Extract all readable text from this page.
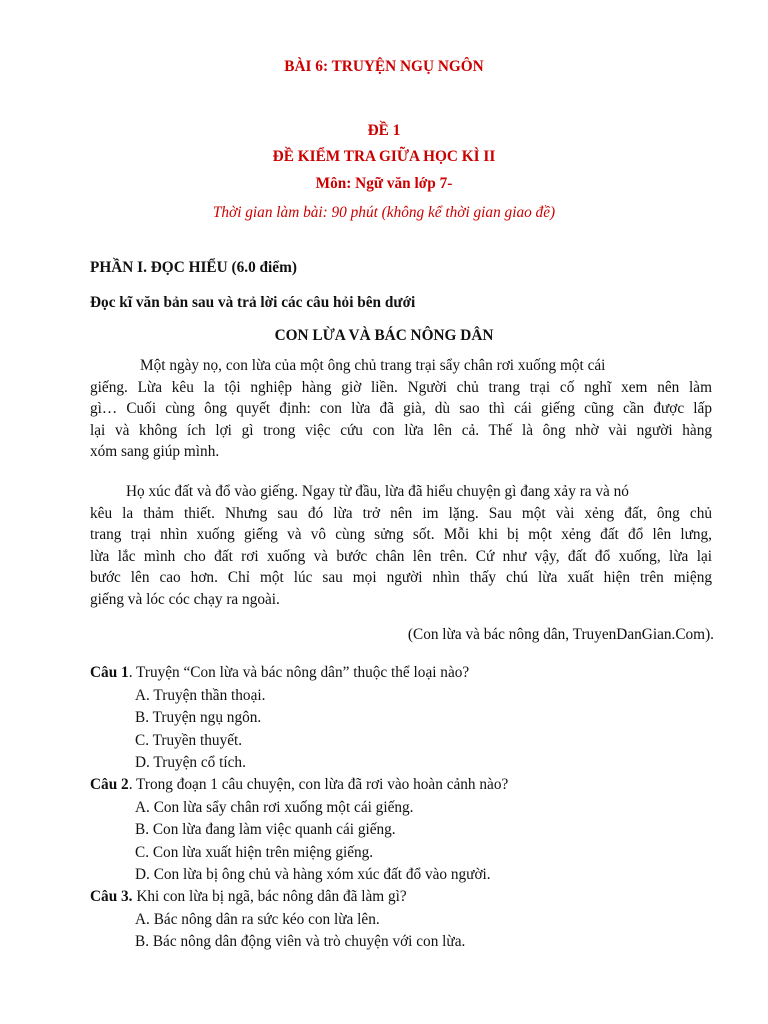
BÀI 6: TRUYỆN NGỤ NGÔN
ĐỀ 1
ĐỀ KIỂM TRA GIỮA HỌC KÌ II
Môn: Ngữ văn lớp 7-
Thời gian làm bài: 90 phút (không kể thời gian giao đề)
PHẦN I. ĐỌC HIỂU (6.0 điểm)
Đọc kĩ văn bản sau và trả lời các câu hỏi bên dưới
CON LỪA VÀ BÁC NÔNG DÂN
Một ngày nọ, con lừa của một ông chủ trang trại sẩy chân rơi xuống một cái
giếng. Lừa kêu la tội nghiệp hàng giờ liền. Người chủ trang trại cố nghĩ xem nên làm
gì… Cuối cùng ông quyết định: con lừa đã già, dù sao thì cái giếng cũng cần được lấp
lại và không ích lợi gì trong việc cứu con lừa lên cả. Thế là ông nhờ vài người hàng
xóm sang giúp mình.
Họ xúc đất và đổ vào giếng. Ngay từ đầu, lừa đã hiểu chuyện gì đang xảy ra và nó
kêu la thảm thiết. Nhưng sau đó lừa trở nên im lặng. Sau một vài xẻng đất, ông chủ
trang trại nhìn xuống giếng và vô cùng sửng sốt. Mỗi khi bị một xẻng đất đổ lên lưng,
lừa lắc mình cho đất rơi xuống và bước chân lên trên. Cứ như vậy, đất đổ xuống, lừa lại
bước lên cao hơn. Chỉ một lúc sau mọi người nhìn thấy chú lừa xuất hiện trên miệng
giếng và lóc cóc chạy ra ngoài.
(Con lừa và bác nông dân, TruyenDanGian.Com).
Câu 1. Truyện “Con lừa và bác nông dân” thuộc thể loại nào?
A. Truyện thần thoại.
B. Truyện ngụ ngôn.
C. Truyền thuyết.
D. Truyện cổ tích.
Câu 2. Trong đoạn 1 câu chuyện, con lừa đã rơi vào hoàn cảnh nào?
A. Con lừa sẩy chân rơi xuống một cái giếng.
B. Con lừa đang làm việc quanh cái giếng.
C. Con lừa xuất hiện trên miệng giếng.
D. Con lừa bị ông chủ và hàng xóm xúc đất đổ vào người.
Câu 3. Khi con lừa bị ngã, bác nông dân đã làm gì?
A. Bác nông dân ra sức kéo con lừa lên.
B. Bác nông dân động viên và trò chuyện với con lừa.
